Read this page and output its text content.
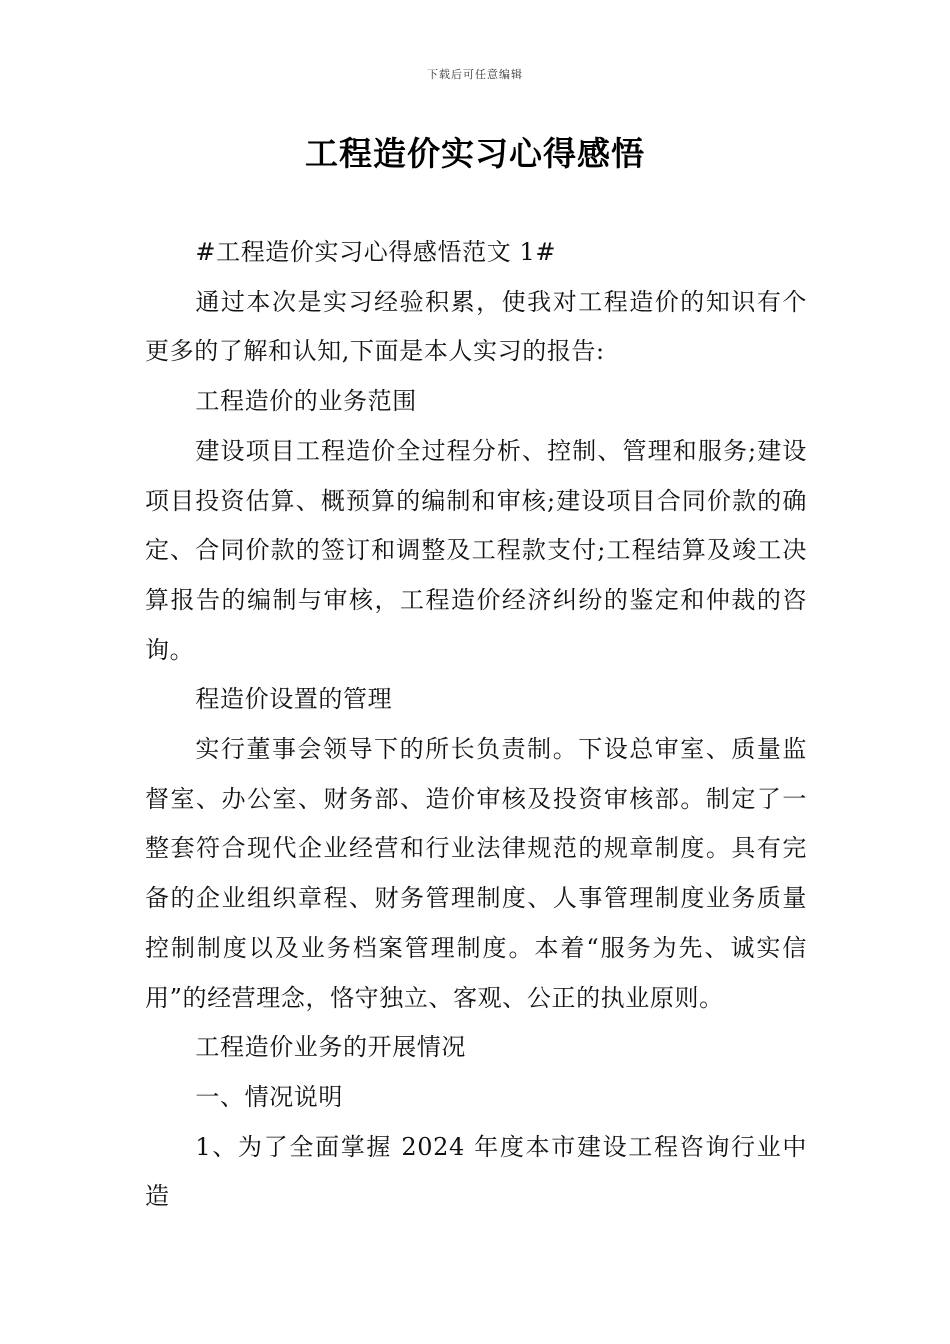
下载后可任意编辑
工程造价实习心得感悟

#工程造价实习心得感悟范文 1#

通过本次是实习经验积累，使我对工程造价的知识有个更多的了解和认知,下面是本人实习的报告:

工程造价的业务范围

建设项目工程造价全过程分析、控制、管理和服务;建设项目投资估算、概预算的编制和审核;建设项目合同价款的确定、合同价款的签订和调整及工程款支付;工程结算及竣工决算报告的编制与审核，工程造价经济纠纷的鉴定和仲裁的咨询。

程造价设置的管理

实行董事会领导下的所长负责制。下设总审室、质量监督室、办公室、财务部、造价审核及投资审核部。制定了一整套符合现代企业经营和行业法律规范的规章制度。具有完备的企业组织章程、财务管理制度、人事管理制度业务质量控制制度以及业务档案管理制度。本着“服务为先、诚实信用”的经营理念，恪守独立、客观、公正的执业原则。

工程造价业务的开展情况

一、情况说明

1、为了全面掌握 2024 年度本市建设工程咨询行业中造
